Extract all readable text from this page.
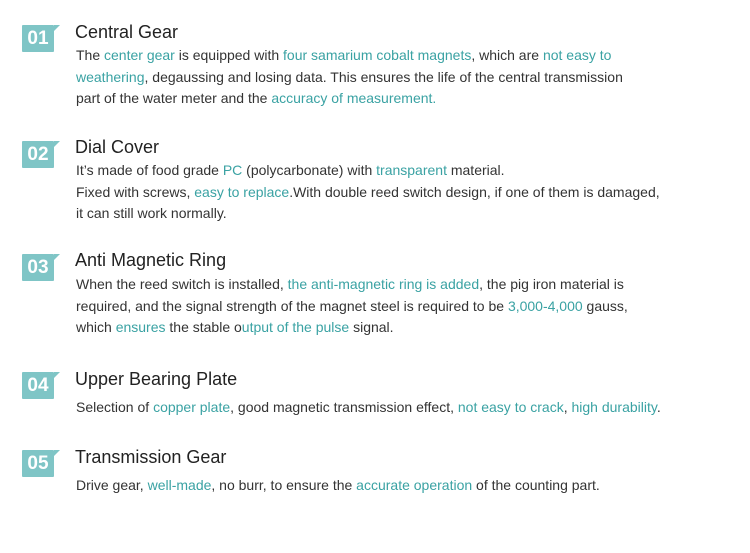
01	Central Gear

The center gear is equipped with four samarium cobalt magnets, which are not easy to

weathering, degaussing and losing data. This ensures the life of the central transmission

part of the water meter and the accuracy of measurement.

02	Dial Cover

It’s made of food grade PC (polycarbonate) with transparent material.

Fixed with screws, easy to replace.With double reed switch design, if one of them is damaged,

it can still work normally.

03	Anti Magnetic Ring

When the reed switch is installed, the anti-magnetic ring is added, the pig iron material is

required, and the signal strength of the magnet steel is required to be 3,000-4,000 gauss,

which ensures the stable output of the pulse signal.

04	Upper Bearing Plate

Selection of copper plate, good magnetic transmission effect, not easy to crack, high durability.

05	Transmission Gear

Drive gear, well-made, no burr, to ensure the accurate operation of the counting part.
